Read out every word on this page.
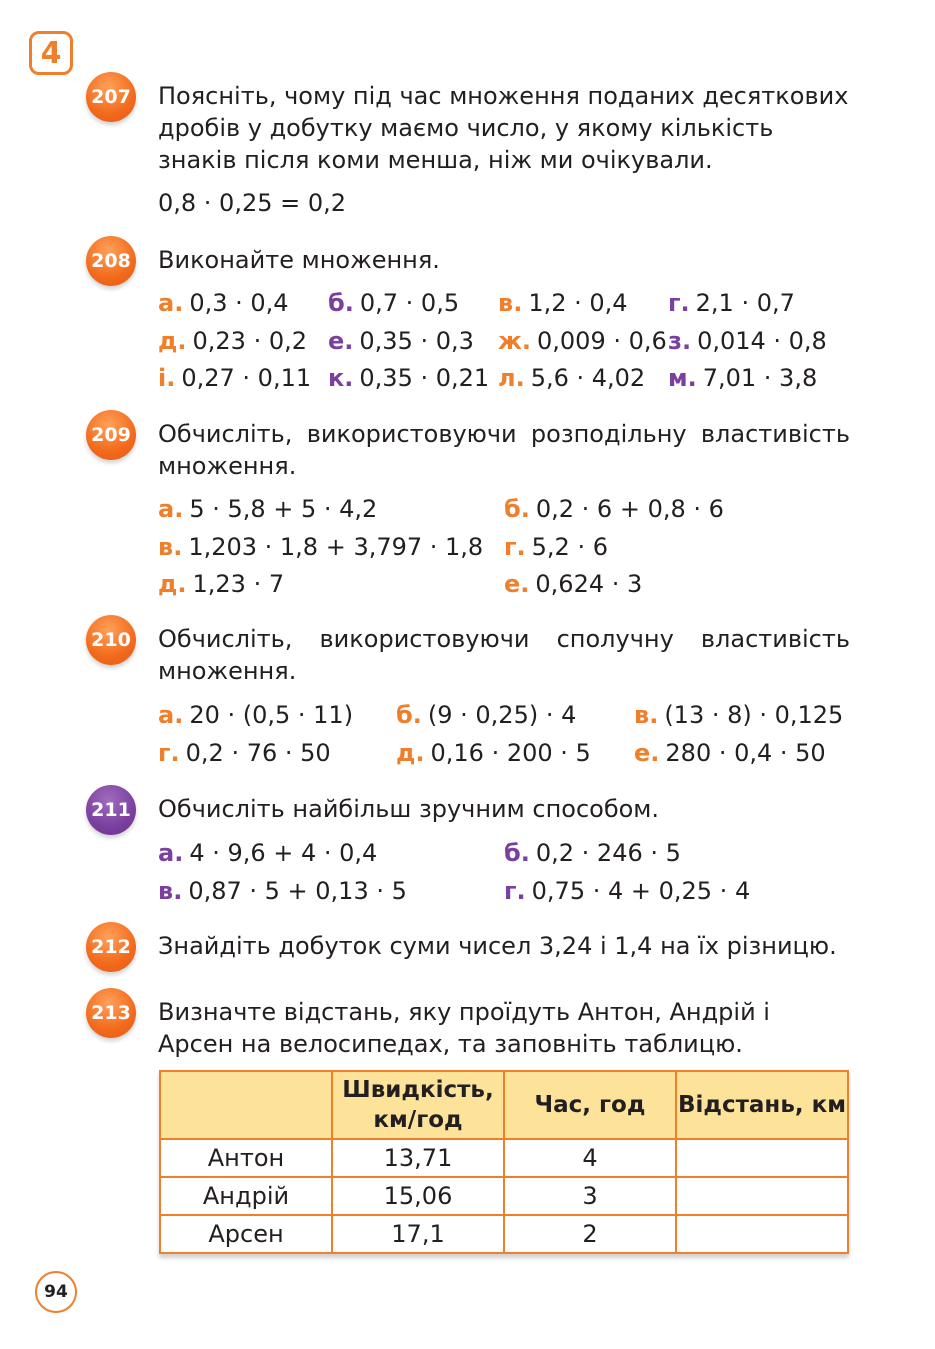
4
207 Поясніть, чому під час множення поданих десяткових дробів у добутку маємо число, у якому кількість знаків після коми менша, ніж ми очікували.
0,8 · 0,25 = 0,2
208 Виконайте множення.
а. 0,3 · 0,4 б. 0,7 · 0,5 в. 1,2 · 0,4 г. 2,1 · 0,7
д. 0,23 · 0,2 е. 0,35 · 0,3 ж. 0,009 · 0,6 з. 0,014 · 0,8
і. 0,27 · 0,11 к. 0,35 · 0,21 л. 5,6 · 4,02 м. 7,01 · 3,8
209 Обчисліть, використовуючи розподільну властивість множення.
а. 5 · 5,8 + 5 · 4,2	б. 0,2 · 6 + 0,8 · 6
в. 1,203 · 1,8 + 3,797 · 1,8 г. 5,2 · 6
д. 1,23 · 7	е. 0,624 · 3
210 Обчисліть, використовуючи сполучну властивість множення.
а. 20 · (0,5 · 11) б. (9 · 0,25) · 4 в. (13 · 8) · 0,125
г. 0,2 · 76 · 50	д. 0,16 · 200 · 5 е. 280 · 0,4 · 50
211 Обчисліть найбільш зручним способом.
а. 4 · 9,6 + 4 · 0,4	б. 0,2 · 246 · 5
в. 0,87 · 5 + 0,13 · 5	г. 0,75 · 4 + 0,25 · 4
212 Знайдіть добуток суми чисел 3,24 і 1,4 на їх різницю.
213 Визначте відстань, яку проїдуть Антон, Андрій і Арсен на велосипедах, та заповніть таблицю.
	Швидкість, км/год	Час, год	Відстань, км
Антон	13,71	4	
Андрій	15,06	3	
Арсен	17,1	2	
94
